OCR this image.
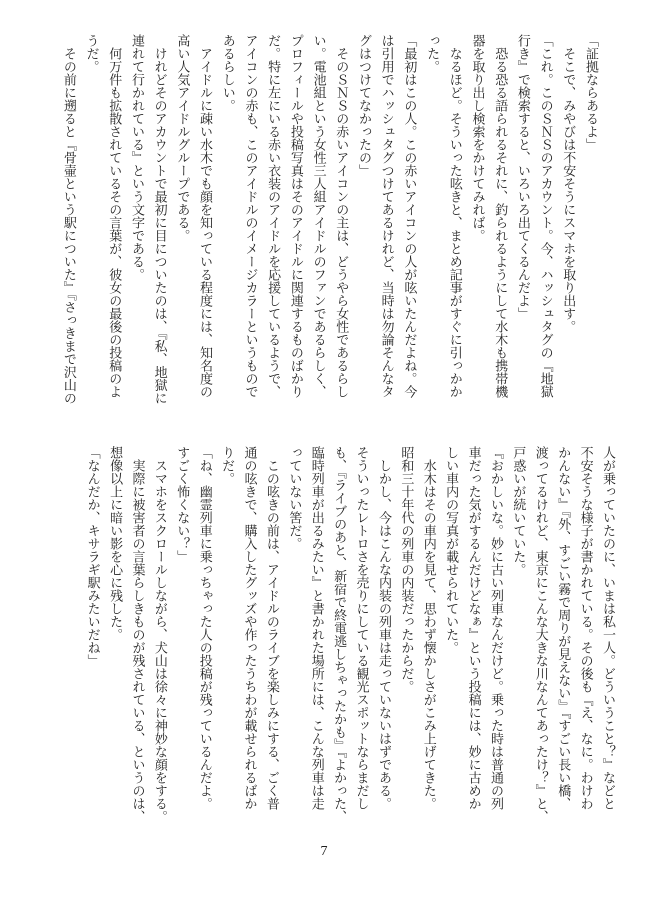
「証拠ならあるよ」
そこで、みやびは不安そうにスマホを取り出す。
「これ。このＳＮＳのアカウント。今、ハッシュタグの『地獄
行き』で検索すると、いろいろ出てくるんだよ」
恐る恐る語られるそれに、釣られるようにして水木も携帯機
器を取り出し検索をかけてみれば。
なるほど。そういった呟きと、まとめ記事がすぐに引っかか
った。
「最初はこの人。この赤いアイコンの人が呟いたんだよね。今
は引用でハッシュタグつけてあるけれど、当時は勿論そんなタ
グはつけてなかったの」
そのＳＮＳの赤いアイコンの主は、どうやら女性であるらし
い。電池組という女性三人組アイドルのファンであるらしく、
プロフィールや投稿写真はそのアイドルに関連するものばかり
だ。特に左にいる赤い衣装のアイドルを応援しているようで、
アイコンの赤も、このアイドルのイメージカラーというもので
あるらしい。
アイドルに疎い水木でも顔を知っている程度には、知名度の
高い人気アイドルグループである。
けれどそのアカウントで最初に目についたのは、『私、地獄に
連れて行かれている』という文字である。
何万件も拡散されているその言葉が、彼女の最後の投稿のよ
うだ。
その前に遡ると『骨壷という駅についた』『さっきまで沢山の
人が乗っていたのに、いまは私一人。どういうこと？』などと
不安そうな様子が書かれている。その後も『え、なに。わけわ
かんない』『外、すごい霧で周りが見えない』『すごい長い橋、
渡ってるけれど、東京にこんな大きな川なんてあったけ？』と、
戸惑いが続いていた。
『おかしいな。妙に古い列車なんだけど。乗った時は普通の列
車だった気がするんだけどなぁ』という投稿には、妙に古めか
しい車内の写真が載せられていた。
水木はその車内を見て、思わず懐かしさがこみ上げてきた。
昭和三十年代の列車の内装だったからだ。
しかし、今はこんな内装の列車は走っていないはずである。
そういったレトロさを売りにしている観光スポットならまだし
も、『ライブのあと、新宿で終電逃しちゃったかも』『よかった、
臨時列車が出るみたい』と書かれた場所には、こんな列車は走
っていない筈だ。
この呟きの前は、アイドルのライブを楽しみにする、ごく普
通の呟きで、購入したグッズや作ったうちわが載せられるばか
りだ。
「ね、幽霊列車に乗っちゃった人の投稿が残っているんだよ。
すごく怖くない？」
スマホをスクロールしながら、犬山は徐々に神妙な顔をする。
実際に被害者の言葉らしきものが残されている、というのは、
想像以上に暗い影を心に残した。
「なんだか、キサラギ駅みたいだね」
7
